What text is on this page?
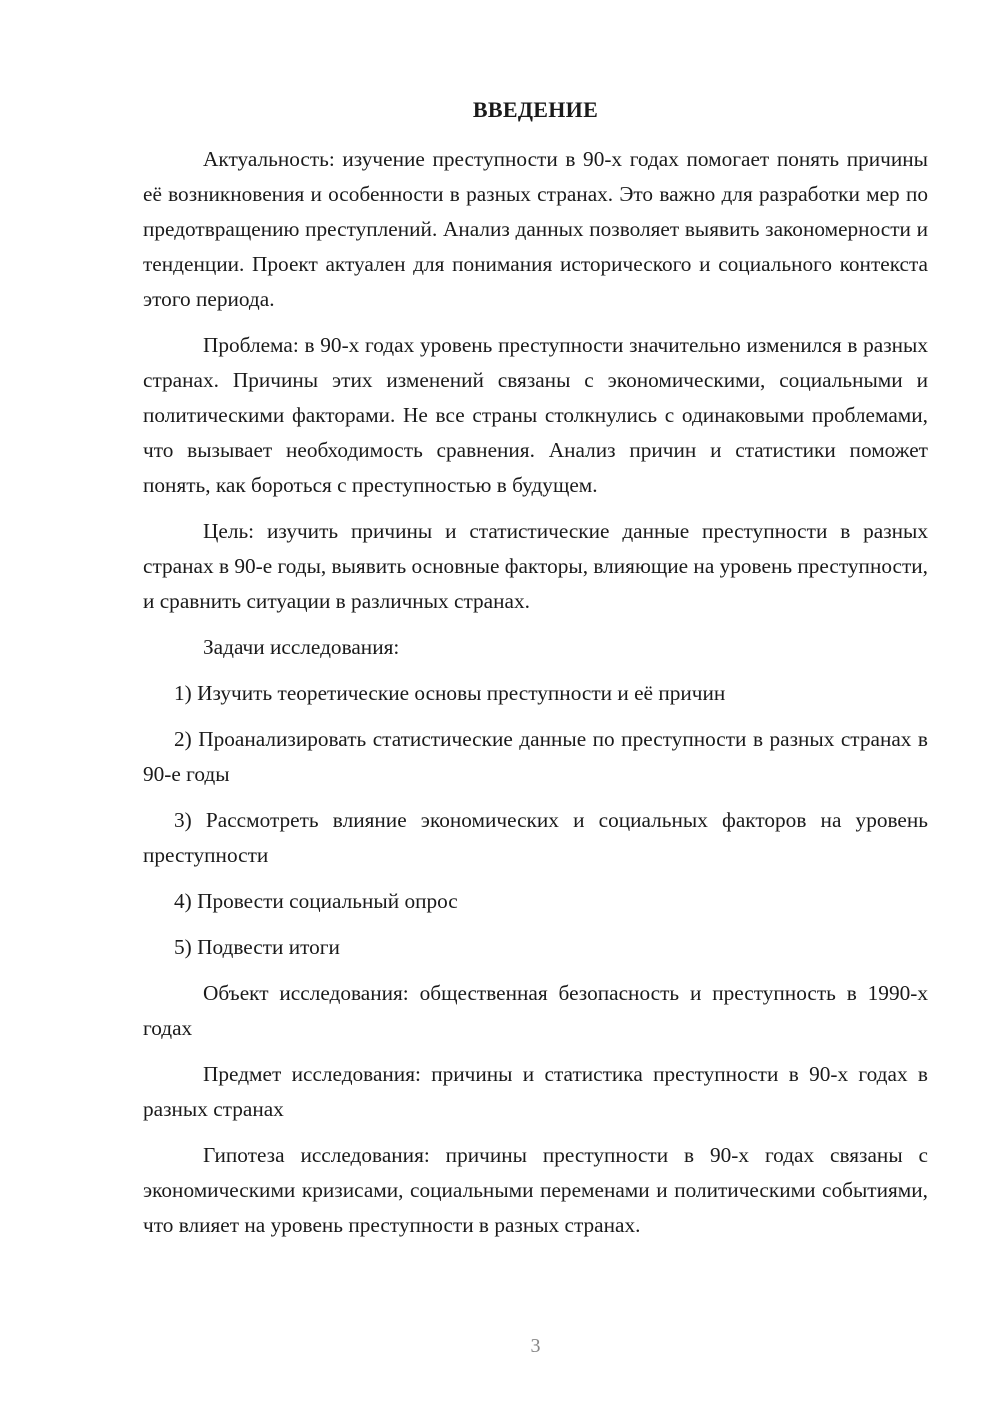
ВВЕДЕНИЕ

Актуальность: изучение преступности в 90-х годах помогает понять причины её возникновения и особенности в разных странах. Это важно для разработки мер по предотвращению преступлений. Анализ данных позволяет выявить закономерности и тенденции. Проект актуален для понимания исторического и социального контекста этого периода.

Проблема: в 90-х годах уровень преступности значительно изменился в разных странах. Причины этих изменений связаны с экономическими, социальными и политическими факторами. Не все страны столкнулись с одинаковыми проблемами, что вызывает необходимость сравнения. Анализ причин и статистики поможет понять, как бороться с преступностью в будущем.

Цель: изучить причины и статистические данные преступности в разных странах в 90-е годы, выявить основные факторы, влияющие на уровень преступности, и сравнить ситуации в различных странах.

Задачи исследования:

1) Изучить теоретические основы преступности и её причин

2) Проанализировать статистические данные по преступности в разных странах в 90-е годы

3) Рассмотреть влияние экономических и социальных факторов на уровень преступности

4) Провести социальный опрос

5) Подвести итоги

Объект исследования: общественная безопасность и преступность в 1990-х годах

Предмет исследования: причины и статистика преступности в 90-х годах в разных странах

Гипотеза исследования: причины преступности в 90-х годах связаны с экономическими кризисами, социальными переменами и политическими событиями, что влияет на уровень преступности в разных странах.

3
